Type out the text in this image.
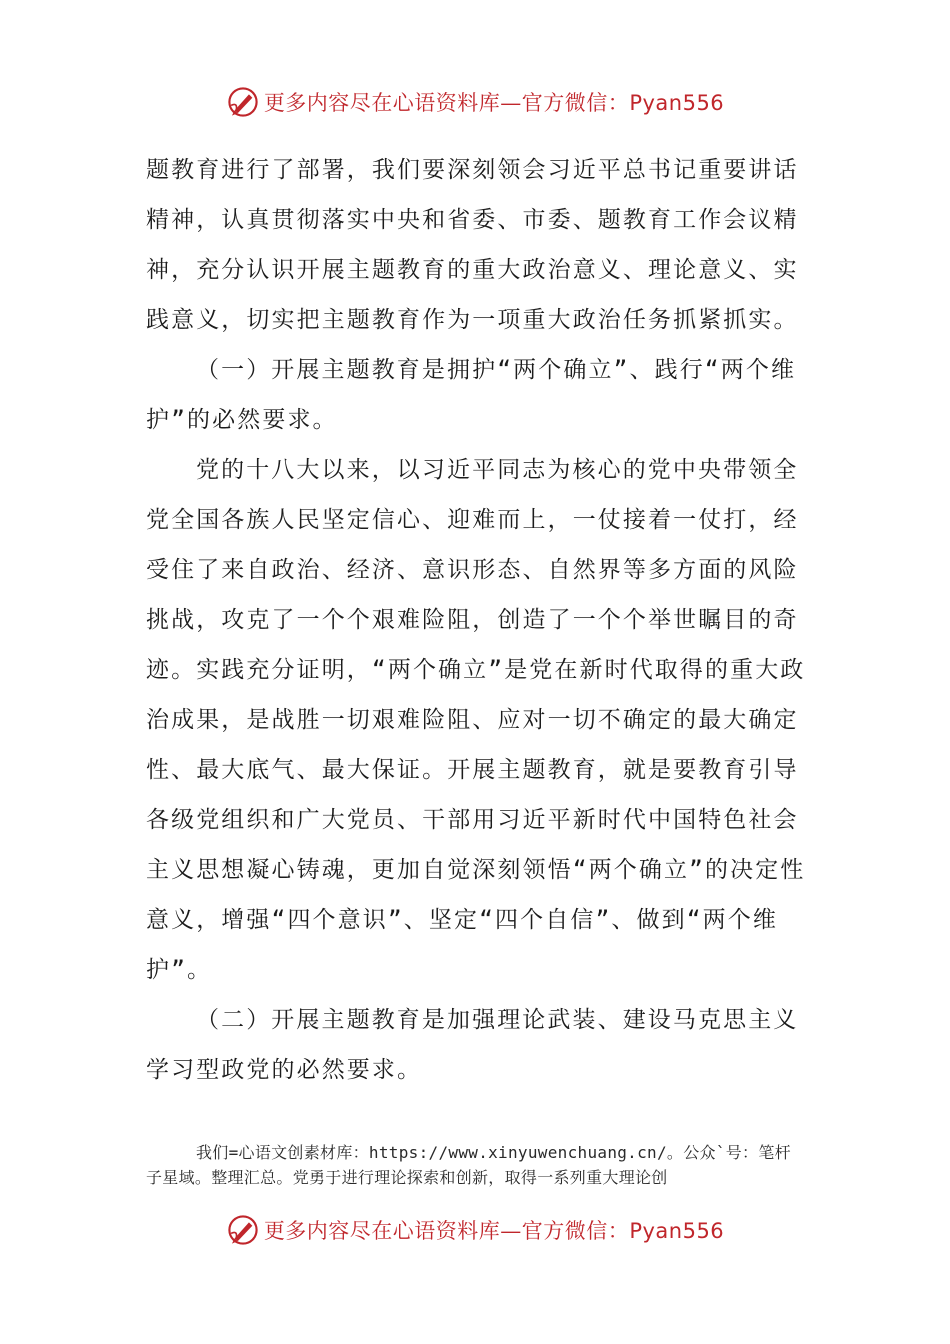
更多内容尽在心语资料库—官方微信：Pyan556

题教育进行了部署，我们要深刻领会习近平总书记重要讲话精神，认真贯彻落实中央和省委、市委、题教育工作会议精神，充分认识开展主题教育的重大政治意义、理论意义、实践意义，切实把主题教育作为一项重大政治任务抓紧抓实。

（一）开展主题教育是拥护“两个确立”、践行“两个维护”的必然要求。

党的十八大以来，以习近平同志为核心的党中央带领全党全国各族人民坚定信心、迎难而上，一仗接着一仗打，经受住了来自政治、经济、意识形态、自然界等多方面的风险挑战，攻克了一个个艰难险阻，创造了一个个举世瞩目的奇迹。实践充分证明，“两个确立”是党在新时代取得的重大政治成果，是战胜一切艰难险阻、应对一切不确定的最大确定性、最大底气、最大保证。开展主题教育，就是要教育引导各级党组织和广大党员、干部用习近平新时代中国特色社会主义思想凝心铸魂，更加自觉深刻领悟“两个确立”的决定性意义，增强“四个意识”、坚定“四个自信”、做到“两个维护”。

（二）开展主题教育是加强理论武装、建设马克思主义学习型政党的必然要求。

我们=心语文创素材库：https://www.xinyuwenchuang.cn/。公众`号：笔杆子星域。整理汇总。党勇于进行理论探索和创新，取得一系列重大理论创
更多内容尽在心语资料库—官方微信：Pyan556
